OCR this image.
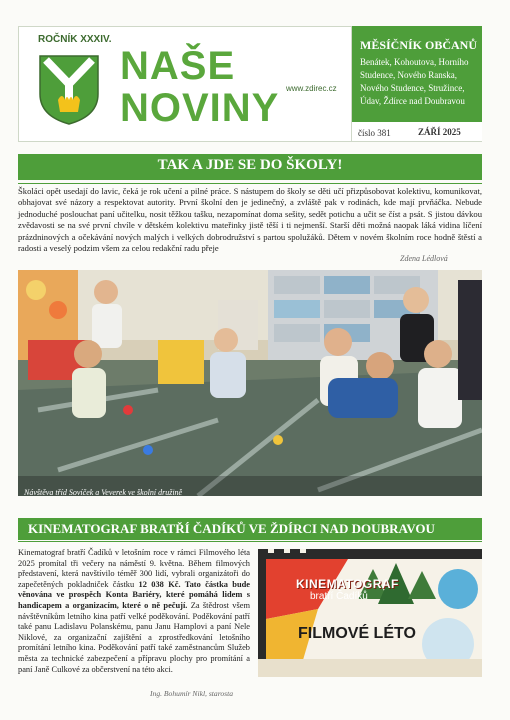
ROČNÍK XXXIV.
NAŠE
NOVINY www.zdirec.cz
MĚSÍČNÍK OBČANŮ
Benátek, Kohoutova, Horního Studence, Nového Ranska, Nového Studence, Stružince, Údav, Ždírce nad Doubravou
číslo 381	ZÁŘÍ 2025
TAK A JDE SE DO ŠKOLY!
Školáci opět usedají do lavic, čeká je rok učení a pilné práce. S nástupem do školy se děti učí přizpůsobovat kolektivu, komunikovat, obhajovat své názory a respektovat autority. První školní den je jedinečný, a zvláště pak v rodinách, kde mají prvňáčka. Nebude jednoduché poslouchat paní učitelku, nosit těžkou tašku, nezapomínat doma sešity, sedět potichu a učit se číst a psát. S jistou dávkou zvědavosti se na své první chvíle v dětském kolektivu mateřinky jistě těší i ti nejmenší. Starší děti možná naopak láká vidina líčení prázdninových a očekávání nových malých i velkých dobrodružství s partou spolužáků. Dětem v novém školním roce hodně štěstí a radosti a veselý podzim všem za celou redakční radu přeje
Zdena Lédlová
Návštěva tříd Sovíček a Veverek ve školní družině
KINEMATOGRAF BRATŘÍ ČADÍKŮ VE ŽDÍRCI NAD DOUBRAVOU
Kinematograf bratří Čadíků v letošním roce v rámci Filmového léta 2025 promítal tři večery na náměstí 9. května. Během filmových představení, která navštívilo téměř 300 lidí, vybrali organizátoři do zapečetěných pokladniček částku 12 038 Kč. Tato částka bude věnována ve prospěch Konta Bariéry, které pomáhá lidem s handicapem a organizacím, které o ně pečují. Za štědrost všem návštěvníkům letního kina patří velké poděkování. Poděkování patří také panu Ladislavu Polanskému, panu Janu Hamplovi a paní Nele Niklové, za organizační zajištění a zprostředkování letošního promítání letního kina. Poděkování patří také zaměstnancům Služeb města za technické zabezpečení a přípravu plochy pro promítání a paní Janě Culkové za občerstvení na této akci.
Ing. Bohumír Nikl, starosta
KINEMATOGRAF
bratří Čadíků
FILMOVÉ LÉTO
